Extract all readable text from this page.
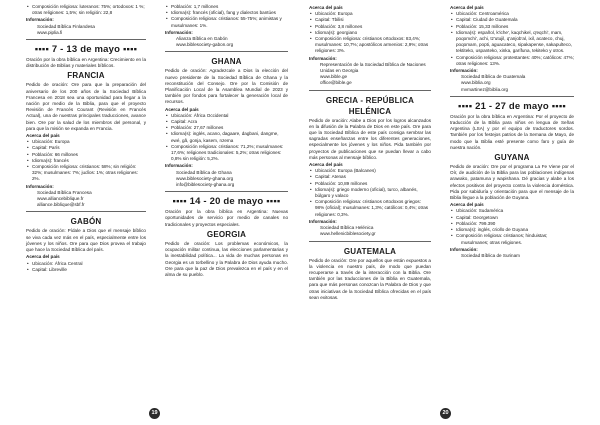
• Composición religiosa: luteranos: 75%; ortodoxos: 1 %; otras religiones: 1,5%; sin religión: 22,8

Información:

Sociedad Bíblica Finlandesa

www.piplia.fi

▪▪▪▪ 7 - 13 de mayo ▪▪▪▪

Oración por la obra bíblica en Argentina: Crecimiento en la distribución de Biblias y materiales bíblicos.

FRANCIA

Pedido de oración: Ore para que la preparación del aniversario de los 200 años de la Sociedad Bíblica Francesa en 2018 sea una oportunidad para llegar a la nación por medio de la Biblia, para que el proyecto Revisión de Francés Courant (Revisión en Francés Actual), una de nuestras principales traducciones, avance bien. Ore por la salud de los miembros del personal, y para que la misión se expanda en Francia.

Acerca del país

• Ubicación: Europa
• Capital: París
• Población: 66 millones
• Idioma(s): francés
• Composición religiosa: cristianos: 58%; sin religión: 32%; musulmanes: 7%; judíos: 1%; otras religiones: 2%.

Información:

Sociedad Bíblica Francesa

www.alliancebiblique.fr

alliance.biblique@sbf.fr

GABÓN

Pedido de oración: Pídale a Dios que el mensaje bíblico se viva cada vez más en el país, especialmente entre los jóvenes y los niños. Ore para que Dios provea el trabajo que hace la Sociedad Bíblica del país.

Acerca del país

• Ubicación: África Central
• Capital: Libreville
• Población: 1,7 millones
• Idioma(s): francés (oficial), fang y dialectos bantúes
• Composición religiosa: cristianos: 55-75%; animistas y musulmanes: 1%.

Información:

Alianza Bíblica en Gabón

www.biblesociety-gabon.org

GHANA

Pedido de oración: Agradezcale a Dios la elección del nuevo presidente de la Sociedad Bíblica de Ghana y la reconstitución del Consejo. Ore por la Comisión de Planificación Local de la Asamblea Mundial de 2023 y también por fondos para fortalecer la generación local de recursos.

Acerca del país

• Ubicación: África Occidental
• Capital: Acra
• Población: 27,67 millones
• Idioma(s): inglés, acano, dagaare, dagbani, dangme, ewé, gã, gonja, kasem, nzema
• Composición religiosa: cristianos: 71,2%; musulmanes: 17,6%; religiones tradicionales: 5,2%; otras religiones: 0,8% sin religión: 5,2%.

Información:

Sociedad Bíblica de Ghana

www.biblesociety-ghana.org

info@biblesociety-ghana.org

▪▪▪▪ 14 - 20 de mayo ▪▪▪▪

Oración por la obra bíblica en Argentina: Nuevas oportunidades de servicio por medio de canales no tradicionales y proyectos especiales.

GEORGIA

Pedido de oración: Los problemas económicos, la ocupación militar continua, las elecciones parlamentarias y la inestabilidad política... La vida de muchas personas en Georgia es un torbellino y la Palabra de Dios ayuda mucho. Ore para que la paz de Dios prevalezca en el país y en el alma de su pueblo.

Acerca del país

• Ubicación: Europa
• Capital: Tbilisi
• Población: 3,8 millones
• Idioma(s): georgiano
• Composición religiosa: cristianos ortodoxos: 83,4%; musulmanes: 10,7%; apostólicos armenios: 2,9%; otras religiones: 3%.

Información:

Representación de la Sociedad Bíblica de Naciones Unidas en Georgia

www.bible.ge

office@bible.ge

GRECIA - REPÚBLICA HELÉNICA

Pedido de oración: Alabe a Dios por los logros alcanzados en la difusión de la Palabra de Dios en este país. Ore para que la Sociedad Bíblica de este país consiga sembrar las sagradas enseñanzas entre los diferentes generaciones, especialmente los jóvenes y los niños. Pida también por proyectos de publicaciones que se puedan llevar a cabo más personas al mensaje bíblico.

Acerca del país

• Ubicación: Europa (Balcanes)
• Capital: Atenas
• Población: 10,89 millones
• Idioma(s): griego moderno (oficial), turco, albanés, búlgaro y valaco
• Composición religiosa: cristianos ortodoxos griegos: 98% (oficial); musulmanes: 1,3%; católicos: 0,4%; otras religiones: 0,3%.

Información:

Sociedad Bíblica Helénica

www.hellenicbiblesociety.gr

GUATEMALA

Pedido de oración: Ore por aquellos que están expuestos a la violencia en nuestro país, de modo que puedan recuperarse a través de la interacción con la Biblia. Ore también por las traducciones de la Biblia en Guatemala, para que más personas conozcan la Palabra de Dios y que otras iniciativas de la Sociedad Bíblica ofrecidas en el país sean exitosas.

Acerca del país

• Ubicación: Centroamérica
• Capital: Ciudad de Guatemala
• Población: 15,33 millones
• Idioma(s): español, k'iche', kaqchikel, q'eqchi', mam, poqomchi', achi, tz'utujil, q'anjob'al, ixil, acateco, chuj, poqomam, popti, aguacateco, sipakapense, sakapulteco, tektiteko, uspanteko, xinka, garífuna, tekiteko y otros.
• Composición religiosa: protestantes: 40%; católicos: 47%; otras religiones: 13%.

Información:

Sociedad Bíblica de Guatemala

www.biblia.org

mvmartinez@biblia.org

▪▪▪▪ 21 - 27 de mayo ▪▪▪▪

Oración por la obra bíblica en Argentina: Por el proyecto de traducción de la Biblia para niños en lengua de Señas Argentina (LSA) y por el equipo de traductores sordos. También por los festejos patrios de la Semana de Mayo, de modo que la Biblia esté presente como faro y guía de nuestra nación.

GUYANA

Pedido de oración: Ore por el programa La Fe Viene por el Oír, de audición de la Biblia para las poblaciones indígenas arawako, patamuna y wapishana. Dé gracias y alabe a los efectos positivos del proyecto contra la violencia doméstica. Pida por sabiduría y orientación para que el mensaje de la Biblia llegue a la población de Guyana.

Acerca del país

• Ubicación: Sudamérica
• Capital: Georgetown
• Población: 799.390
• Idioma(s): inglés, criollo de Guyana
• Composición religiosa: cristianos; hinduistas;

musulmanes; otras religiones.

Información:

Sociedad Bíblica de Surinam

19	20
